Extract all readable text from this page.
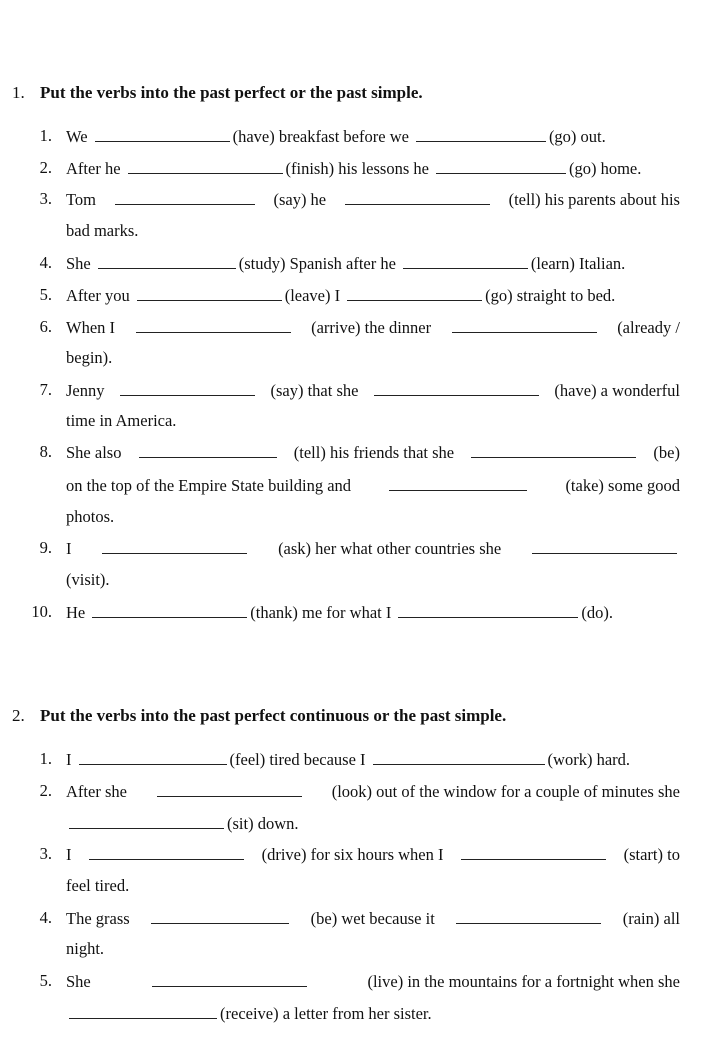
1. Put the verbs into the past perfect or the past simple.
1. We	(have) breakfast before we	(go) out.
2. After he	(finish) his lessons he	(go) home.
3. Tom	(say) he	(tell) his parents about his
bad marks.
4. She	(study) Spanish after he	(learn) Italian.
5. After you	(leave) I	(go) straight to bed.
6. When I	(arrive) the dinner	(already /
begin).
7. Jenny	(say) that she	(have) a wonderful
time in America.
8. She also	(tell) his friends that she	(be)
on the top of the Empire State building and	(take) some good
photos.
9. I	(ask) her what other countries she
(visit).
10. He	(thank) me for what I	(do).
2. Put the verbs into the past perfect continuous or the past simple.
1. I	(feel) tired because I	(work) hard.
2. After she	(look) out of the window for a couple of minutes she
(sit) down.
3. I	(drive) for six hours when I	(start) to
feel tired.
4. The grass	(be) wet because it	(rain) all
night.
5. She	(live) in the mountains for a fortnight when she
(receive) a letter from her sister.
